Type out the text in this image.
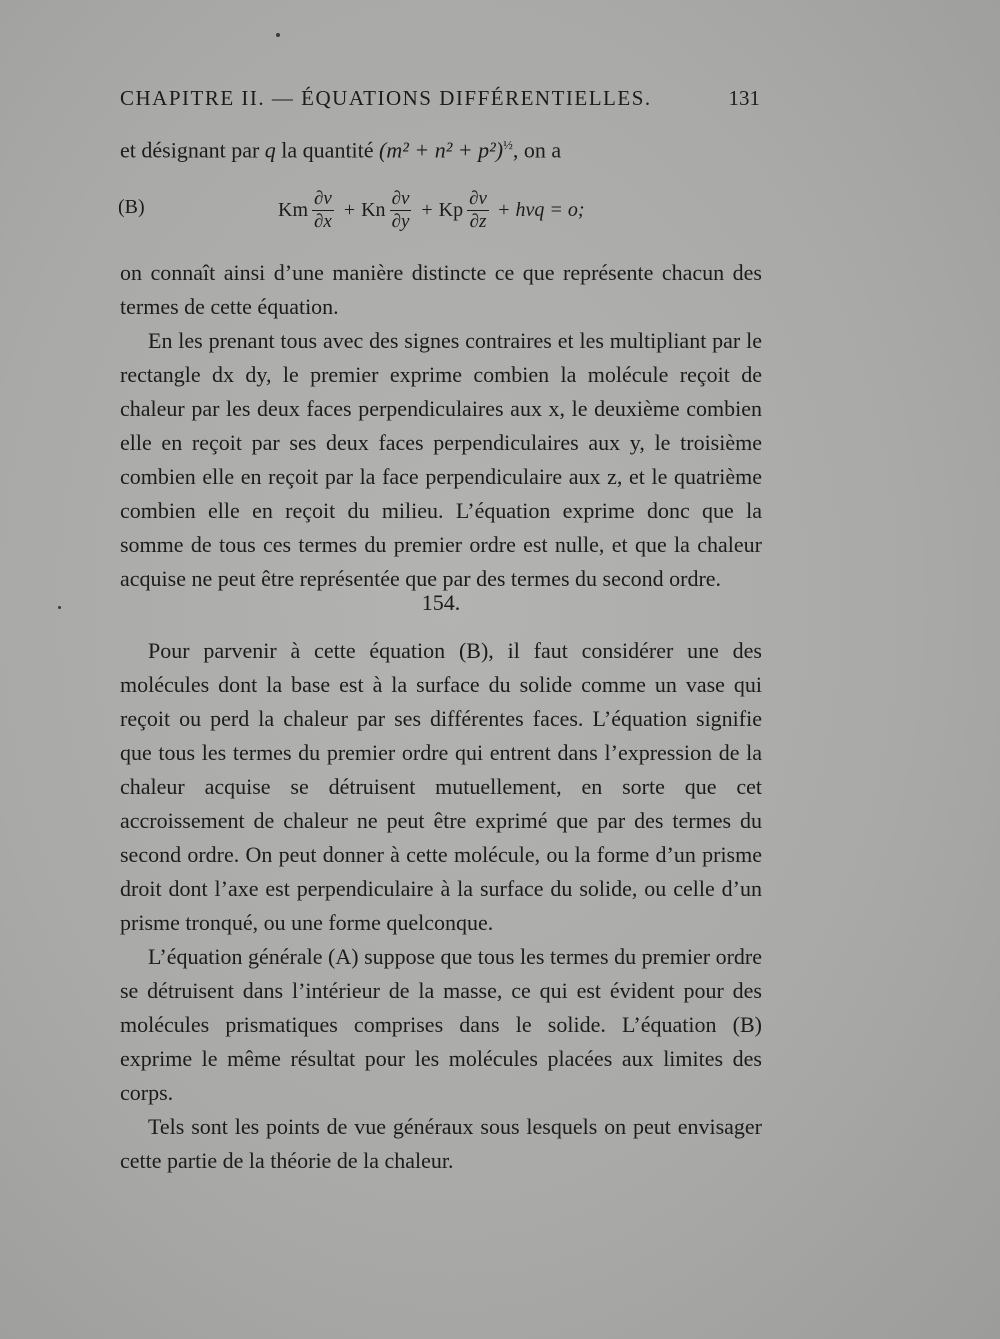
CHAPITRE II. — ÉQUATIONS DIFFÉRENTIELLES.	131

et désignant par q la quantité $(m^2 + n^2 + p^2)^{\frac{1}{2}}$, on a

(B)	Km $\frac{\partial v}{\partial x} + Kn \frac{\partial v}{\partial y} + Kp \frac{\partial v}{\partial z}$ + hvq = o;

on connaît ainsi d’une manière distincte ce que représente chacun des termes de cette équation.

En les prenant tous avec des signes contraires et les multipliant par le rectangle dx dy, le premier exprime combien la molécule reçoit de chaleur par les deux faces perpendiculaires aux x, le deuxième combien elle en reçoit par ses deux faces perpendiculaires aux y, le troisième combien elle en reçoit par la face perpendiculaire aux z, et le quatrième combien elle en reçoit du milieu. L’équation exprime donc que la somme de tous ces termes du premier ordre est nulle, et que la chaleur acquise ne peut être représentée que par des termes du second ordre.

154.

Pour parvenir à cette équation (B), il faut considérer une des molécules dont la base est à la surface du solide comme un vase qui reçoit ou perd la chaleur par ses différentes faces. L’équation signifie que tous les termes du premier ordre qui entrent dans l’expression de la chaleur acquise se détruisent mutuellement, en sorte que cet accroissement de chaleur ne peut être exprimé que par des termes du second ordre. On peut donner à cette molécule, ou la forme d’un prisme droit dont l’axe est perpendiculaire à la surface du solide, ou celle d’un prisme tronqué, ou une forme quelconque.

L’équation générale (A) suppose que tous les termes du premier ordre se détruisent dans l’intérieur de la masse, ce qui est évident pour des molécules prismatiques comprises dans le solide. L’équation (B) exprime le même résultat pour les molécules placées aux limites des corps.

Tels sont les points de vue généraux sous lesquels on peut envisager cette partie de la théorie de la chaleur.
